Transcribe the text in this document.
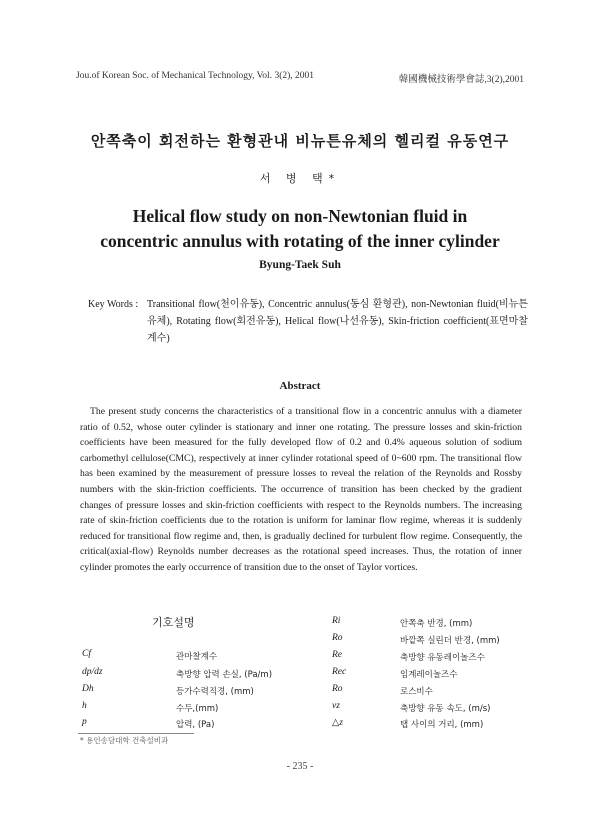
Jou.of Korean Soc. of Mechanical Technology, Vol. 3(2), 2001	韓國機械技術學會誌,3(2),2001
안쪽축이 회전하는 환형관내 비뉴튼유체의 헬리컬 유동연구
서 병 택*
Helical flow study on non-Newtonian fluid in
concentric annulus with rotating of the inner cylinder
Byung-Taek Suh
Key Words : Transitional flow(천이유동), Concentric annulus(동심 환형관), non-Newtonian fluid(비뉴튼 유체), Rotating flow(회전유동), Helical flow(나선유동), Skin-friction coefficient(표면마찰계수)
Abstract
The present study concerns the characteristics of a transitional flow in a concentric annulus with a diameter ratio of 0.52, whose outer cylinder is stationary and inner one rotating. The pressure losses and skin-friction coefficients have been measured for the fully developed flow of 0.2 and 0.4% aqueous solution of sodium carbomethyl cellulose(CMC), respectively at inner cylinder rotational speed of 0~600 rpm. The transitional flow has been examined by the measurement of pressure losses to reveal the relation of the Reynolds and Rossby numbers with the skin-friction coefficients. The occurrence of transition has been checked by the gradient changes of pressure losses and skin-friction coefficients with respect to the Reynolds numbers. The increasing rate of skin-friction coefficients due to the rotation is uniform for laminar flow regime, whereas it is suddenly reduced for transitional flow regime and, then, is gradually declined for turbulent flow regime. Consequently, the critical(axial-flow) Reynolds number decreases as the rotational speed increases. Thus, the rotation of inner cylinder promotes the early occurrence of transition due to the onset of Taylor vortices.
기호설명
Cf	관마찰계수
dp/dz	축방향 압력 손실, (Pa/m)
Dh	등가수력직경, (mm)
h	수두,(mm)
p	압력, (Pa)
Ri	안쪽축 반경, (mm)
Ro	바깥쪽 실린더 반경, (mm)
Re	축방향 유동레이놀즈수
Rec	임계레이놀즈수
Ro	로스비수
vz	축방향 유동 속도, (m/s)
△z	탭 사이의 거리, (mm)
* 용인송담대학 건축설비과
- 235 -
